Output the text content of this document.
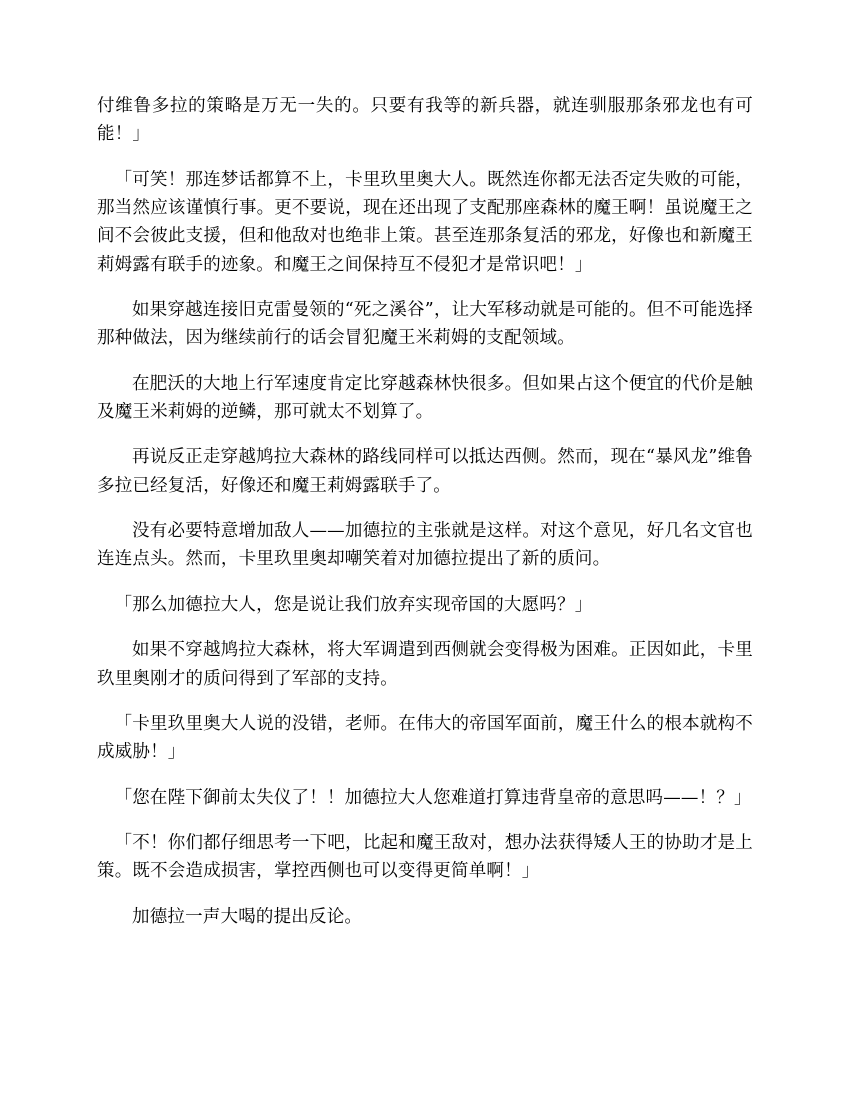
付维鲁多拉的策略是万无一失的。只要有我等的新兵器，就连驯服那条邪龙也有可能！」

「可笑！那连梦话都算不上，卡里玖里奥大人。既然连你都无法否定失败的可能，那当然应该谨慎行事。更不要说，现在还出现了支配那座森林的魔王啊！虽说魔王之间不会彼此支援，但和他敌对也绝非上策。甚至连那条复活的邪龙，好像也和新魔王莉姆露有联手的迹象。和魔王之间保持互不侵犯才是常识吧！」

如果穿越连接旧克雷曼领的“死之溪谷”，让大军移动就是可能的。但不可能选择那种做法，因为继续前行的话会冒犯魔王米莉姆的支配领域。

在肥沃的大地上行军速度肯定比穿越森林快很多。但如果占这个便宜的代价是触及魔王米莉姆的逆鳞，那可就太不划算了。

再说反正走穿越鸠拉大森林的路线同样可以抵达西侧。然而，现在“暴风龙”维鲁多拉已经复活，好像还和魔王莉姆露联手了。

没有必要特意增加敌人——加德拉的主张就是这样。对这个意见，好几名文官也连连点头。然而，卡里玖里奥却嘲笑着对加德拉提出了新的质问。

「那么加德拉大人，您是说让我们放弃实现帝国的大愿吗？」

如果不穿越鸠拉大森林，将大军调遣到西侧就会变得极为困难。正因如此，卡里玖里奥刚才的质问得到了军部的支持。

「卡里玖里奥大人说的没错，老师。在伟大的帝国军面前，魔王什么的根本就构不成威胁！」

「您在陛下御前太失仪了！！加德拉大人您难道打算违背皇帝的意思吗——！？」

「不！你们都仔细思考一下吧，比起和魔王敌对，想办法获得矮人王的协助才是上策。既不会造成损害，掌控西侧也可以变得更简单啊！」

加德拉一声大喝的提出反论。
